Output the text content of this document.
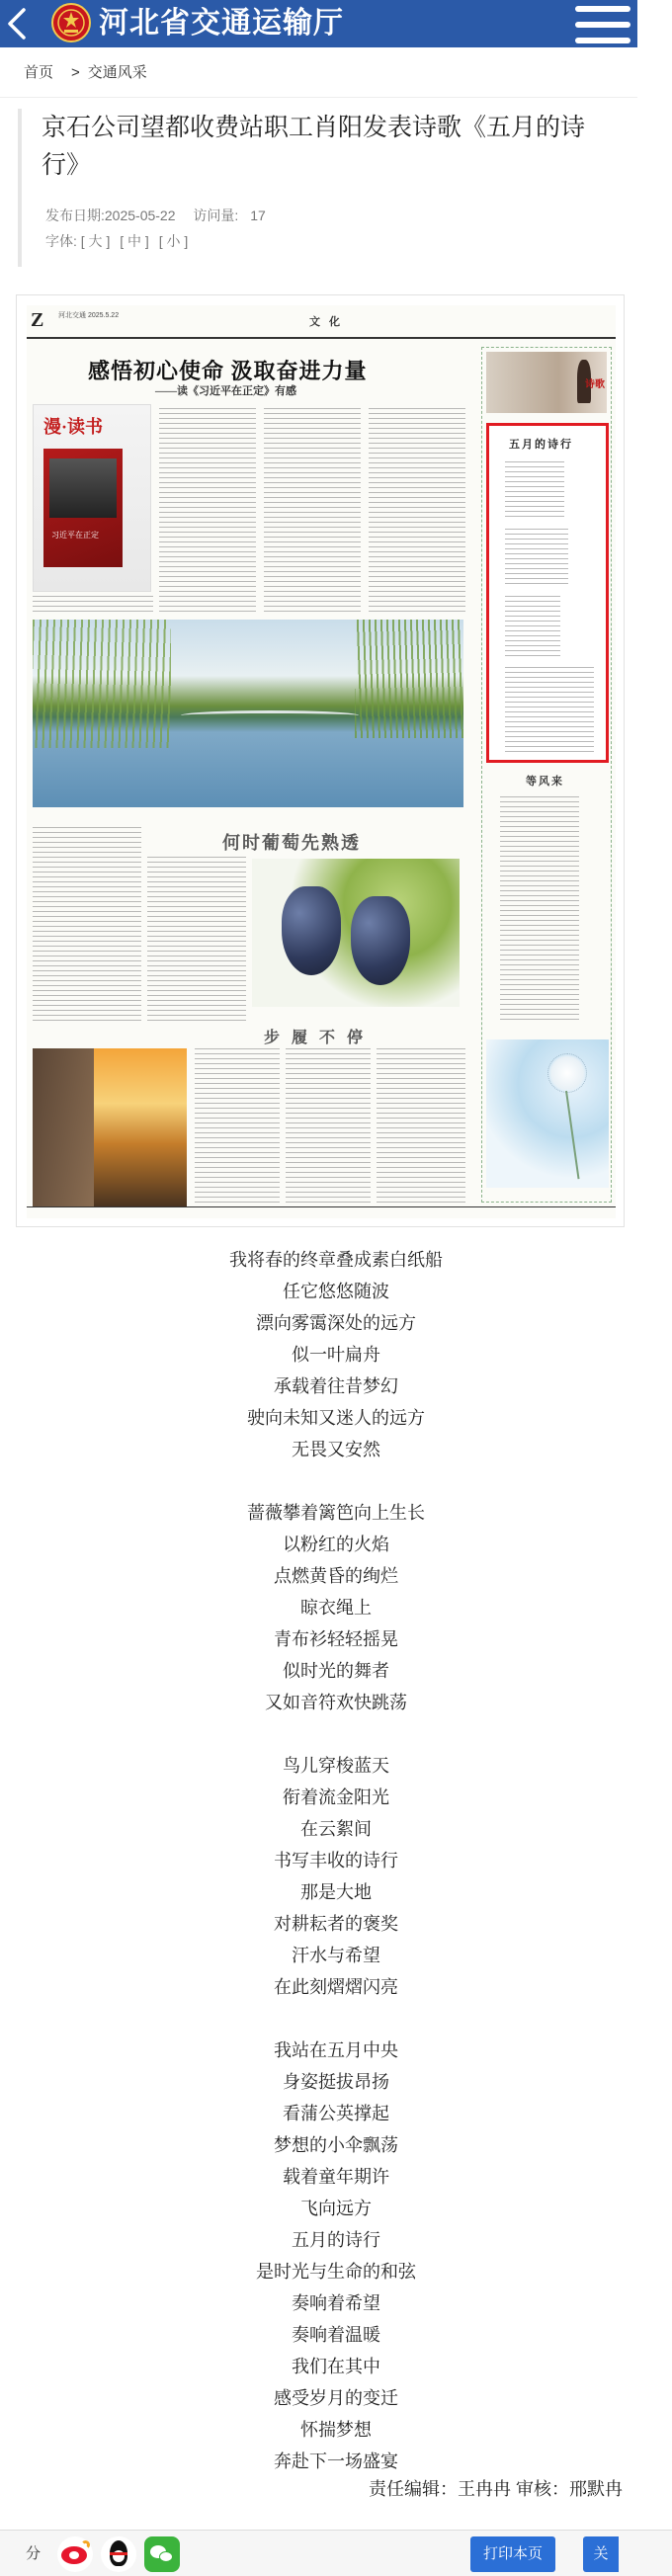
河北省交通运输厅
首页 > 交通风采
京石公司望都收费站职工肖阳发表诗歌《五月的诗行》
发布日期:2025-05-22 访问量: 17
字体: [ 大 ] [ 中 ] [ 小 ]
Z 河北交通 2025.5.22
文 化
感悟初心使命 汲取奋进力量
——读《习近平在正定》有感
漫·读书
习近平在正定
何时葡萄先熟透
步 履 不 停
诗歌
五月的诗行
等风来
我将春的终章叠成素白纸船
任它悠悠随波
漂向雾霭深处的远方
似一叶扁舟
承载着往昔梦幻
驶向未知又迷人的远方
无畏又安然
蔷薇攀着篱笆向上生长
以粉红的火焰
点燃黄昏的绚烂
晾衣绳上
青布衫轻轻摇晃
似时光的舞者
又如音符欢快跳荡
鸟儿穿梭蓝天
衔着流金阳光
在云絮间
书写丰收的诗行
那是大地
对耕耘者的褒奖
汗水与希望
在此刻熠熠闪亮
我站在五月中央
身姿挺拔昂扬
看蒲公英撑起
梦想的小伞飘荡
载着童年期许
飞向远方
五月的诗行
是时光与生命的和弦
奏响着希望
奏响着温暖
我们在其中
感受岁月的变迁
怀揣梦想
奔赴下一场盛宴
责任编辑：王冉冉 审核：邢默冉
分	打印本页	关
